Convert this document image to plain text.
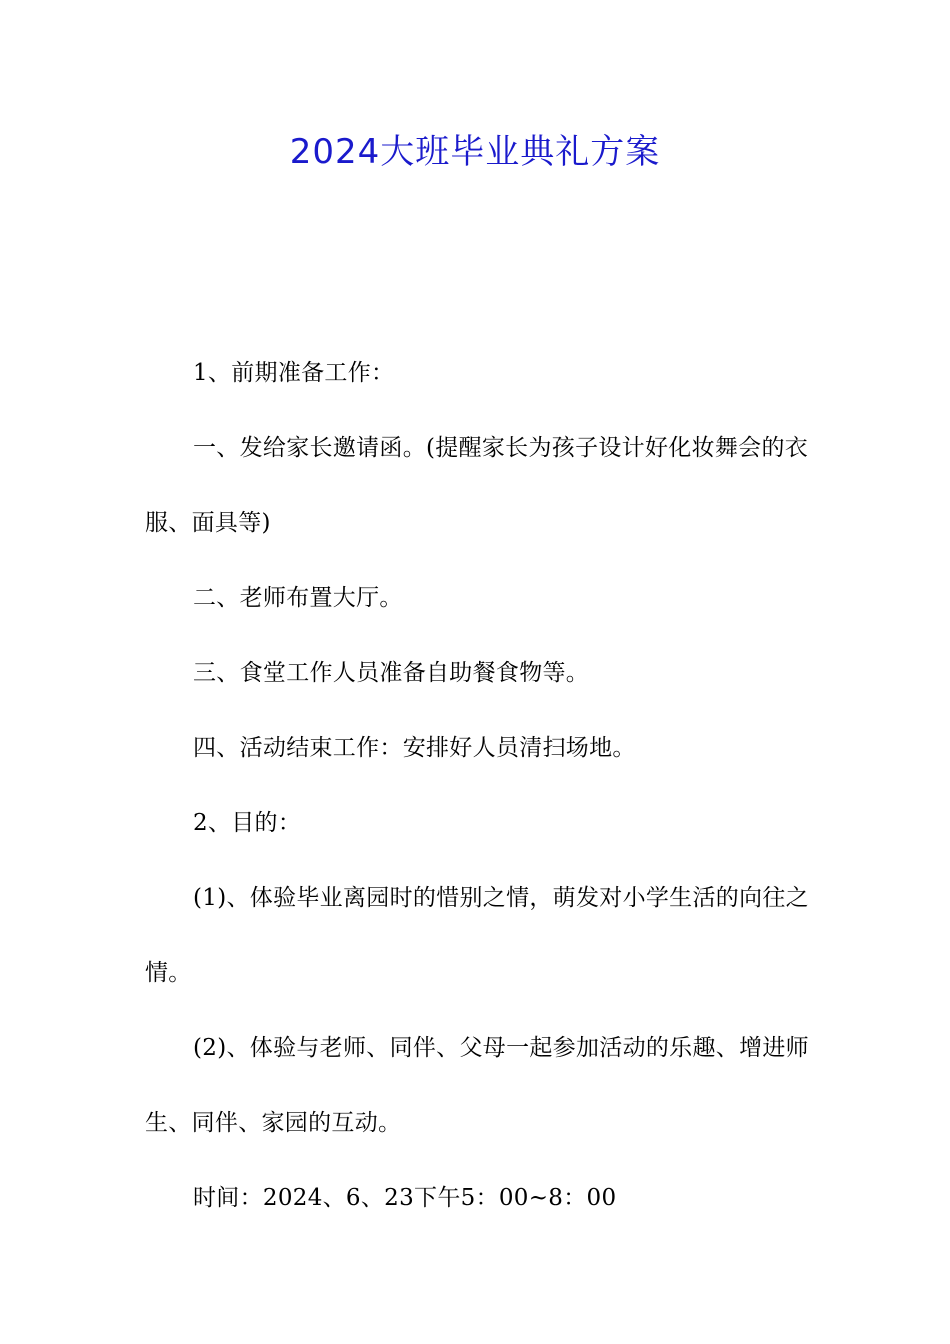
2024大班毕业典礼方案

1、前期准备工作：

一、发给家长邀请函。(提醒家长为孩子设计好化妆舞会的衣服、面具等)

二、老师布置大厅。

三、食堂工作人员准备自助餐食物等。

四、活动结束工作：安排好人员清扫场地。

2、目的：

(1)、体验毕业离园时的惜别之情，萌发对小学生活的向往之情。

(2)、体验与老师、同伴、父母一起参加活动的乐趣、增进师生、同伴、家园的互动。

时间：2024、6、23下午5：00~8：00
